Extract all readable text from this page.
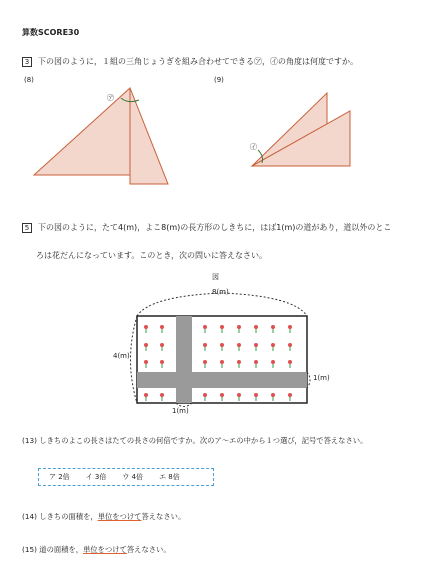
算数SCORE30
3 下の図のように，１組の三角じょうぎを組み合わせてできる㋐，㋑の角度は何度ですか。
(8)	(9)
㋐
㋑
5 下の図のように，たて4(m)，よこ8(m)の長方形のしきちに，はば1(m)の道があり，道以外のとこ
ろは花だんになっています。このとき，次の問いに答えなさい。
図
8(m)
4(m)
1(m)
1(m)
(13) しきちのよこの長さはたての長さの何倍ですか。次のア～エの中から１つ選び，記号で答えなさい。
ア 2倍 イ 3倍 ウ 4倍 エ 8倍
(14) しきちの面積を，単位をつけて答えなさい。
(15) 道の面積を，単位をつけて答えなさい。
